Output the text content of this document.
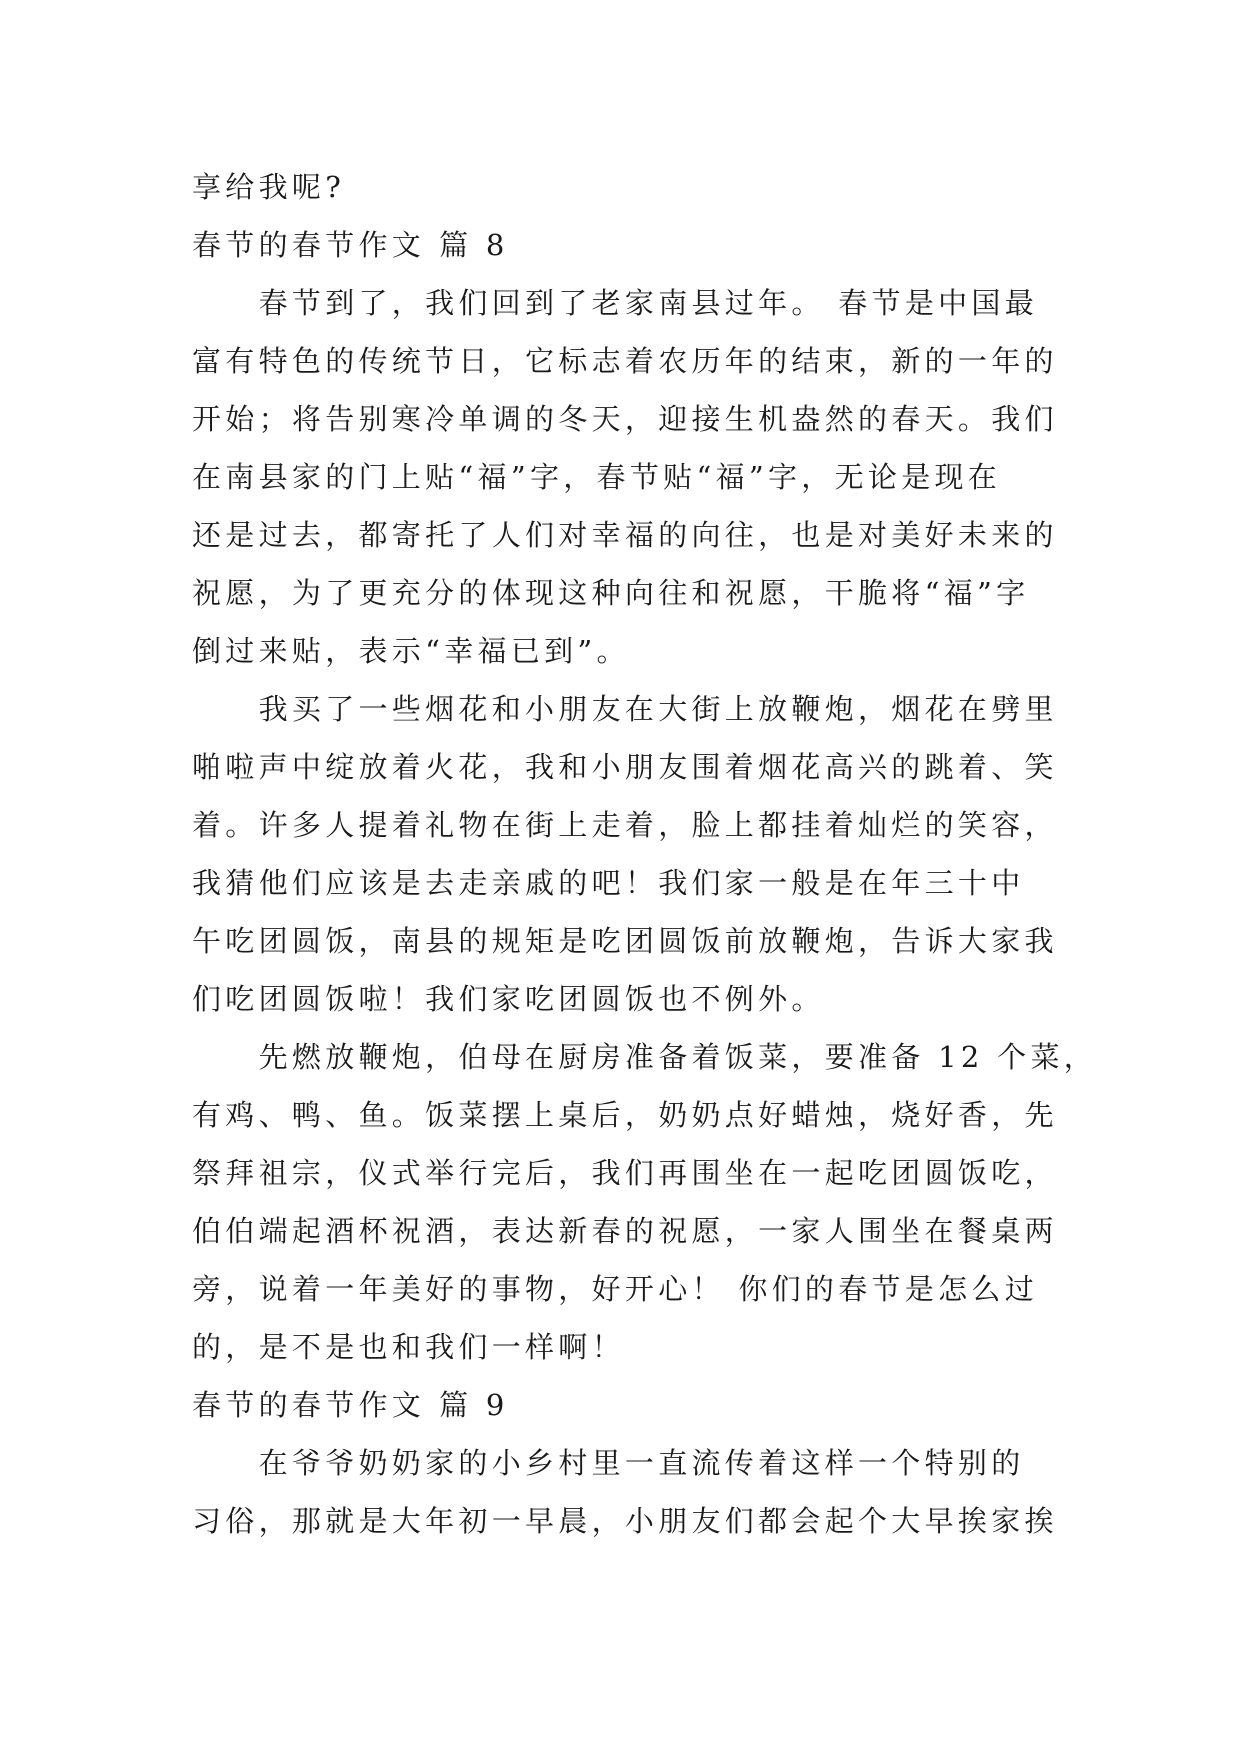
享给我呢?
春节的春节作文 篇 8
　　春节到了，我们回到了老家南县过年。 春节是中国最
富有特色的传统节日，它标志着农历年的结束，新的一年的
开始；将告别寒冷单调的冬天，迎接生机盎然的春天。我们
在南县家的门上贴“福”字，春节贴“福”字，无论是现在
还是过去，都寄托了人们对幸福的向往，也是对美好未来的
祝愿，为了更充分的体现这种向往和祝愿，干脆将“福”字
倒过来贴，表示“幸福已到”。
　　我买了一些烟花和小朋友在大街上放鞭炮，烟花在劈里
啪啦声中绽放着火花，我和小朋友围着烟花高兴的跳着、笑
着。许多人提着礼物在街上走着，脸上都挂着灿烂的笑容，
我猜他们应该是去走亲戚的吧！我们家一般是在年三十中
午吃团圆饭，南县的规矩是吃团圆饭前放鞭炮，告诉大家我
们吃团圆饭啦！我们家吃团圆饭也不例外。
　　先燃放鞭炮，伯母在厨房准备着饭菜，要准备 12 个菜，
有鸡、鸭、鱼。饭菜摆上桌后，奶奶点好蜡烛，烧好香，先
祭拜祖宗，仪式举行完后，我们再围坐在一起吃团圆饭吃，
伯伯端起酒杯祝酒，表达新春的祝愿，一家人围坐在餐桌两
旁，说着一年美好的事物，好开心！ 你们的春节是怎么过
的，是不是也和我们一样啊！
春节的春节作文 篇 9
　　在爷爷奶奶家的小乡村里一直流传着这样一个特别的
习俗，那就是大年初一早晨，小朋友们都会起个大早挨家挨
